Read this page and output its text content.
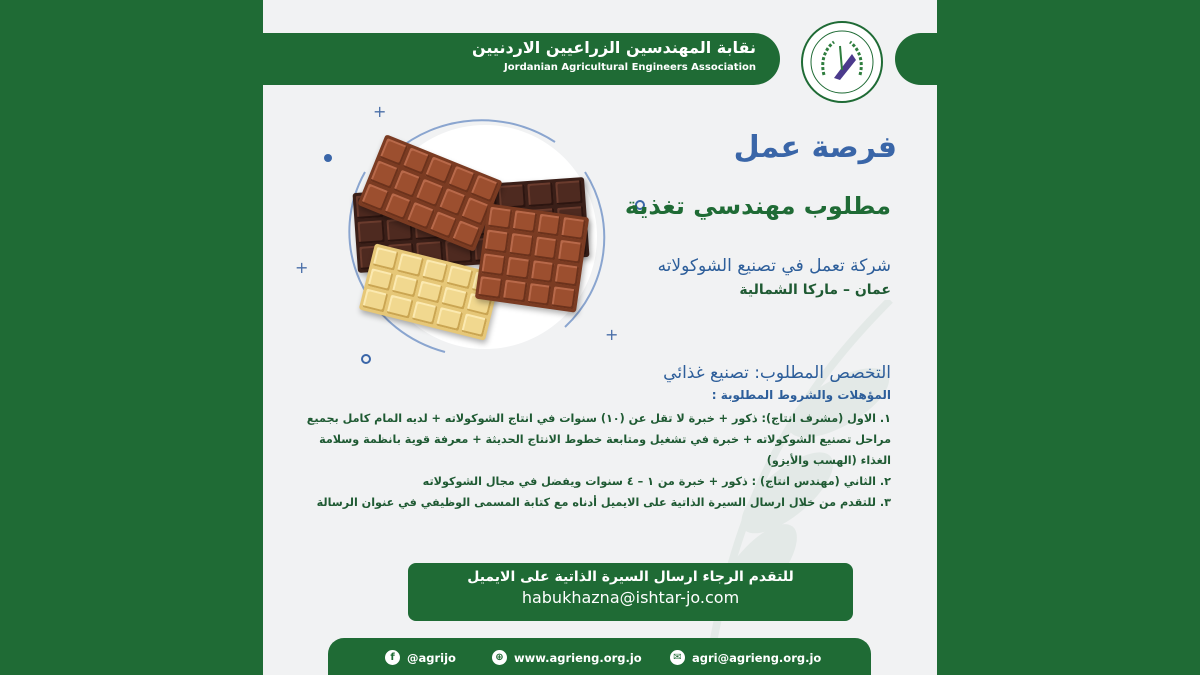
نقابة المهندسين الزراعيين الاردنيين
Jordanian Agricultural Engineers Association
+
+
+
فرصة عمل
مطلوب مهندسي تغذية
شركة تعمل في تصنيع الشوكولاته
عمان – ماركا الشمالية
التخصص المطلوب: تصنيع غذائي
المؤهلات والشروط المطلوبة :
١. الاول (مشرف انتاج): ذكور + خبرة لا تقل عن (١٠) سنوات في انتاج الشوكولاته + لديه المام كامل بجميع
مراحل تصنيع الشوكولاته + خبرة في تشغيل ومتابعة خطوط الانتاج الحديثة + معرفة قوية بانظمة وسلامة
الغذاء (الهسب والأيزو)
٢. الثاني (مهندس انتاج) : ذكور + خبرة من ١ – ٤ سنوات ويفضل في مجال الشوكولاته
٣. للتقدم من خلال ارسال السيرة الذاتية على الايميل أدناه مع كتابة المسمى الوظيفي في عنوان الرسالة
للتقدم الرجاء ارسال السيرة الذاتية على الايميل
habukhazna@ishtar-jo.com
f	@agrijo	⊕ www.agrieng.org.jo	✉ agri@agrieng.org.jo
